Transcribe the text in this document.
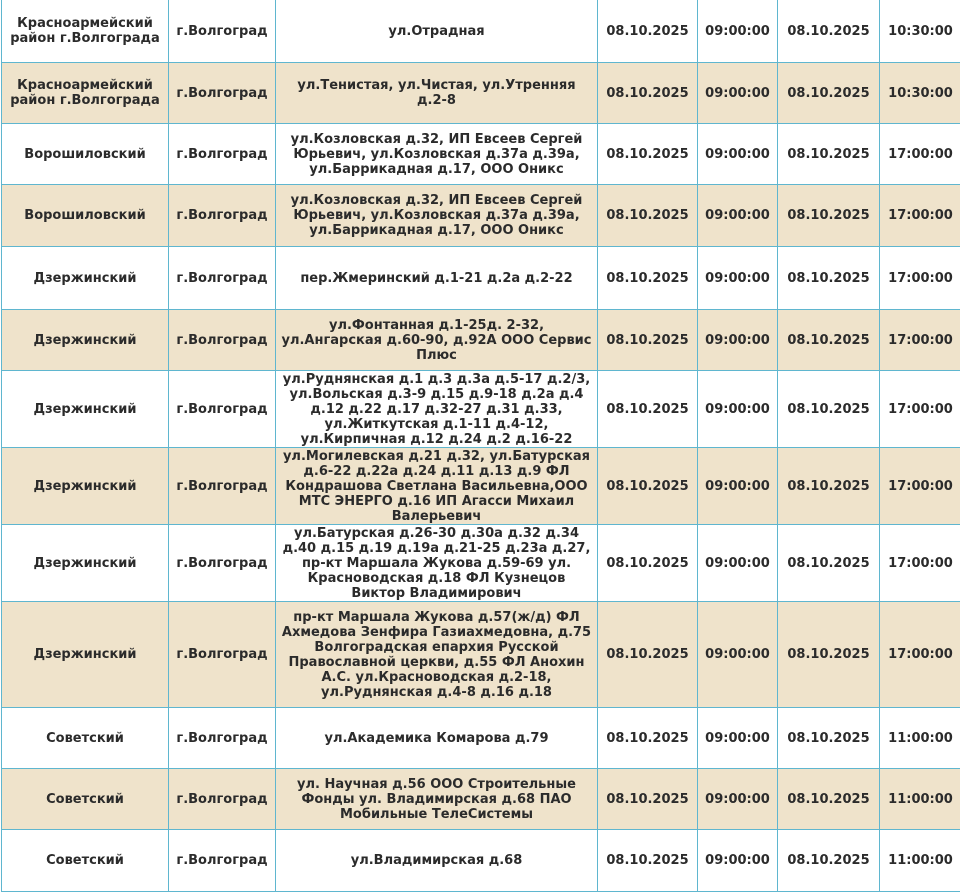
Красноармейский район г.Волгограда	г.Волгоград	ул.Отрадная	08.10.2025	09:00:00	08.10.2025	10:30:00
Красноармейский район г.Волгограда	г.Волгоград	ул.Тенистая, ул.Чистая, ул.Утренняя д.2-8	08.10.2025	09:00:00	08.10.2025	10:30:00
Ворошиловский	г.Волгоград	ул.Козловская д.32, ИП Евсеев Сергей Юрьевич, ул.Козловская д.37а д.39а, ул.Баррикадная д.17, ООО Оникс	08.10.2025	09:00:00	08.10.2025	17:00:00
Ворошиловский	г.Волгоград	ул.Козловская д.32, ИП Евсеев Сергей Юрьевич, ул.Козловская д.37а д.39а, ул.Баррикадная д.17, ООО Оникс	08.10.2025	09:00:00	08.10.2025	17:00:00
Дзержинский	г.Волгоград	пер.Жмеринский д.1-21 д.2а д.2-22	08.10.2025	09:00:00	08.10.2025	17:00:00
Дзержинский	г.Волгоград	ул.Фонтанная д.1-25д. 2-32, ул.Ангарская д.60-90, д.92А ООО Сервис Плюс	08.10.2025	09:00:00	08.10.2025	17:00:00
Дзержинский	г.Волгоград	ул.Руднянская д.1 д.3 д.3а д.5-17 д.2/3, ул.Вольская д.3-9 д.15 д.9-18 д.2а д.4 д.12 д.22 д.17 д.32-27 д.31 д.33, ул.Житкутская д.1-11 д.4-12, ул.Кирпичная д.12 д.24 д.2 д.16-22	08.10.2025	09:00:00	08.10.2025	17:00:00
Дзержинский	г.Волгоград	ул.Могилевская д.21 д.32, ул.Батурская д.6-22 д.22а д.24 д.11 д.13 д.9 ФЛ Кондрашова Светлана Васильевна,ООО МТС ЭНЕРГО д.16 ИП Агасси Михаил Валерьевич	08.10.2025	09:00:00	08.10.2025	17:00:00
Дзержинский	г.Волгоград	ул.Батурская д.26-30 д.30а д.32 д.34 д.40 д.15 д.19 д.19а д.21-25 д.23а д.27, пр-кт Маршала Жукова д.59-69 ул. Красноводская д.18 ФЛ Кузнецов Виктор Владимирович	08.10.2025	09:00:00	08.10.2025	17:00:00
Дзержинский	г.Волгоград	пр-кт Маршала Жукова д.57(ж/д) ФЛ Ахмедова Зенфира Газиахмедовна, д.75 Волгоградская епархия Русской Православной церкви, д.55 ФЛ Анохин А.С. ул.Красноводская д.2-18, ул.Руднянская д.4-8 д.16 д.18	08.10.2025	09:00:00	08.10.2025	17:00:00
Советский	г.Волгоград	ул.Академика Комарова д.79	08.10.2025	09:00:00	08.10.2025	11:00:00
Советский	г.Волгоград	ул. Научная д.56 ООО Строительные Фонды ул. Владимирская д.68 ПАО Мобильные ТелеСистемы	08.10.2025	09:00:00	08.10.2025	11:00:00
Советский	г.Волгоград	ул.Владимирская д.68	08.10.2025	09:00:00	08.10.2025	11:00:00
